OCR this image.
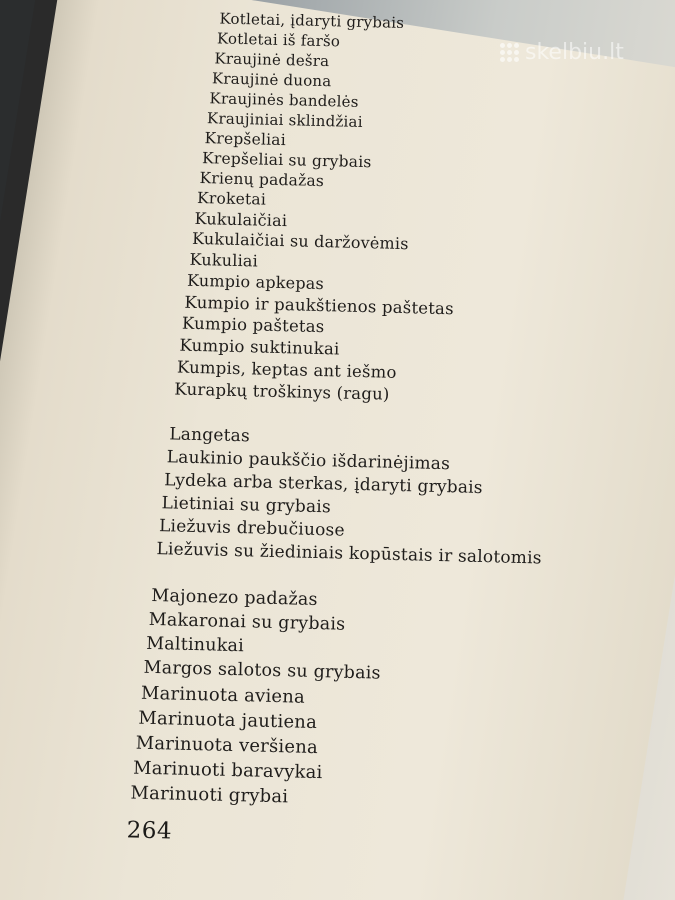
skelbiu.lt
Kotletai, įdaryti grybais
Kotletai iš faršo
Kraujinė dešra
Kraujinė duona
Kraujinės bandelės
Kraujiniai sklindžiai
Krepšeliai
Krepšeliai su grybais
Krienų padažas
Kroketai
Kukulaičiai
Kukulaičiai su daržovėmis
Kukuliai
Kumpio apkepas
Kumpio ir paukštienos paštetas
Kumpio paštetas
Kumpio suktinukai
Kumpis, keptas ant iešmo
Kurapkų troškinys (ragu)
Langetas
Laukinio paukščio išdarinėjimas
Lydeka arba sterkas, įdaryti grybais
Lietiniai su grybais
Liežuvis drebučiuose
Liežuvis su žiediniais kopūstais ir salotomis
Majonezo padažas
Makaronai su grybais
Maltinukai
Margos salotos su grybais
Marinuota aviena
Marinuota jautiena
Marinuota veršiena
Marinuoti baravykai
Marinuoti grybai
264
